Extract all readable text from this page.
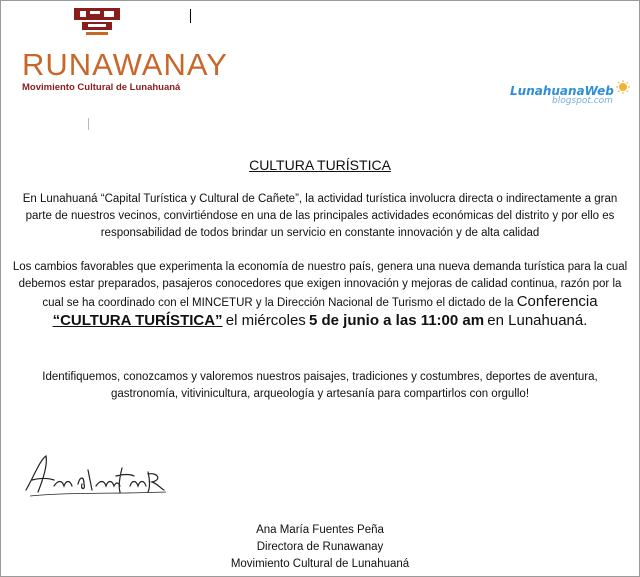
RUNAWANAY
Movimiento Cultural de Lunahuaná	LunahuanaWeb
blogspot.com
CULTURA TURÍSTICA
En Lunahuaná “Capital Turística y Cultural de Cañete”, la actividad turística involucra directa o indirectamente a gran parte de nuestros vecinos, convirtiéndose en una de las principales actividades económicas del distrito y por ello es responsabilidad de todos brindar un servicio en constante innovación y de alta calidad
Los cambios favorables que experimenta la economía de nuestro país, genera una nueva demanda turística para la cual debemos estar preparados, pasajeros conocedores que exigen innovación y mejoras de calidad continua, razón por la cual se ha coordinado con el MINCETUR y la Dirección Nacional de Turismo el dictado de la Conferencia “CULTURA TURÍSTICA” el miércoles 5 de junio a las 11:00 am en Lunahuaná.
Identifiquemos, conozcamos y valoremos nuestros paisajes, tradiciones y costumbres, deportes de aventura, gastronomía, vitivinicultura, arqueología y artesanía para compartirlos con orgullo!
Ana María Fuentes Peña
Directora de Runawanay
Movimiento Cultural de Lunahuaná
